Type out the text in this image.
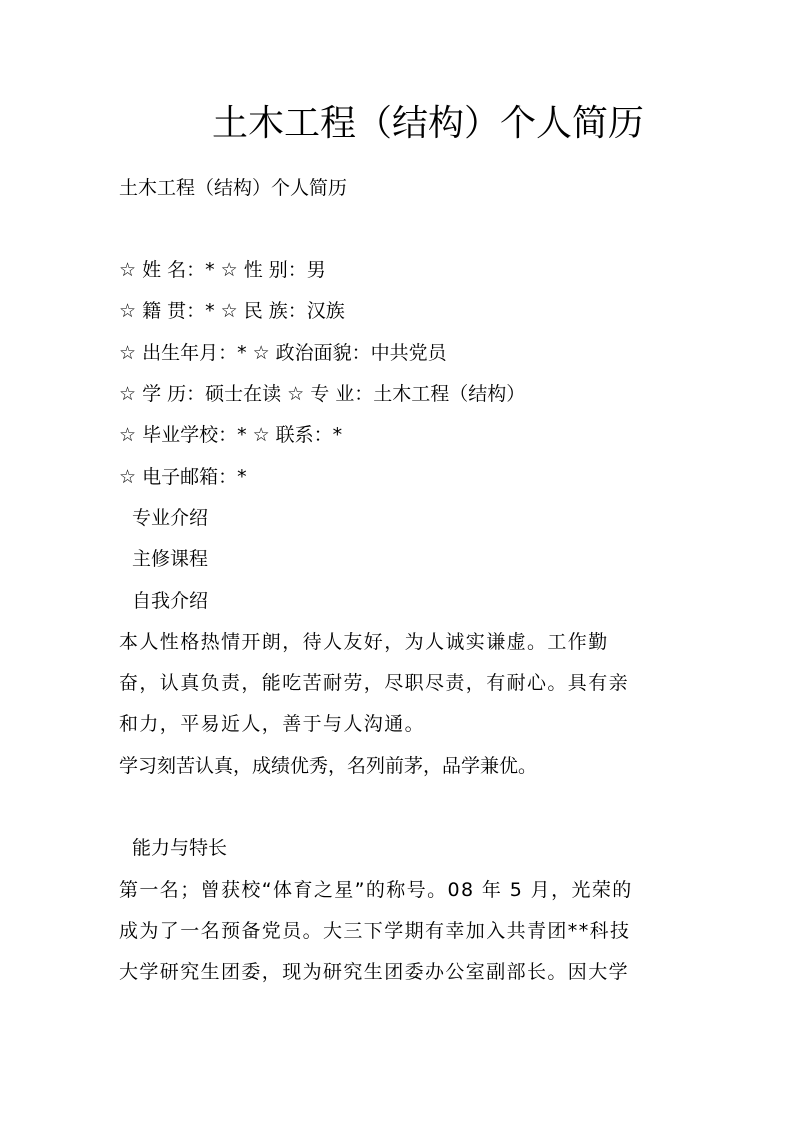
土木工程（结构）个人简历

土木工程（结构）个人简历

☆ 姓 名：* ☆ 性 别：男

☆ 籍 贯：* ☆ 民 族：汉族

☆ 出生年月：* ☆ 政治面貌：中共党员

☆ 学 历：硕士在读 ☆ 专 业：土木工程（结构）

☆ 毕业学校：* ☆ 联系：*

☆ 电子邮箱：*

专业介绍

主修课程

自我介绍

本人性格热情开朗，待人友好，为人诚实谦虚。工作勤

奋，认真负责，能吃苦耐劳，尽职尽责，有耐心。具有亲

和力，平易近人，善于与人沟通。

学习刻苦认真，成绩优秀，名列前茅，品学兼优。

能力与特长

第一名；曾获校“体育之星”的称号。08 年 5 月，光荣的

成为了一名预备党员。大三下学期有幸加入共青团**科技

大学研究生团委，现为研究生团委办公室副部长。因大学
